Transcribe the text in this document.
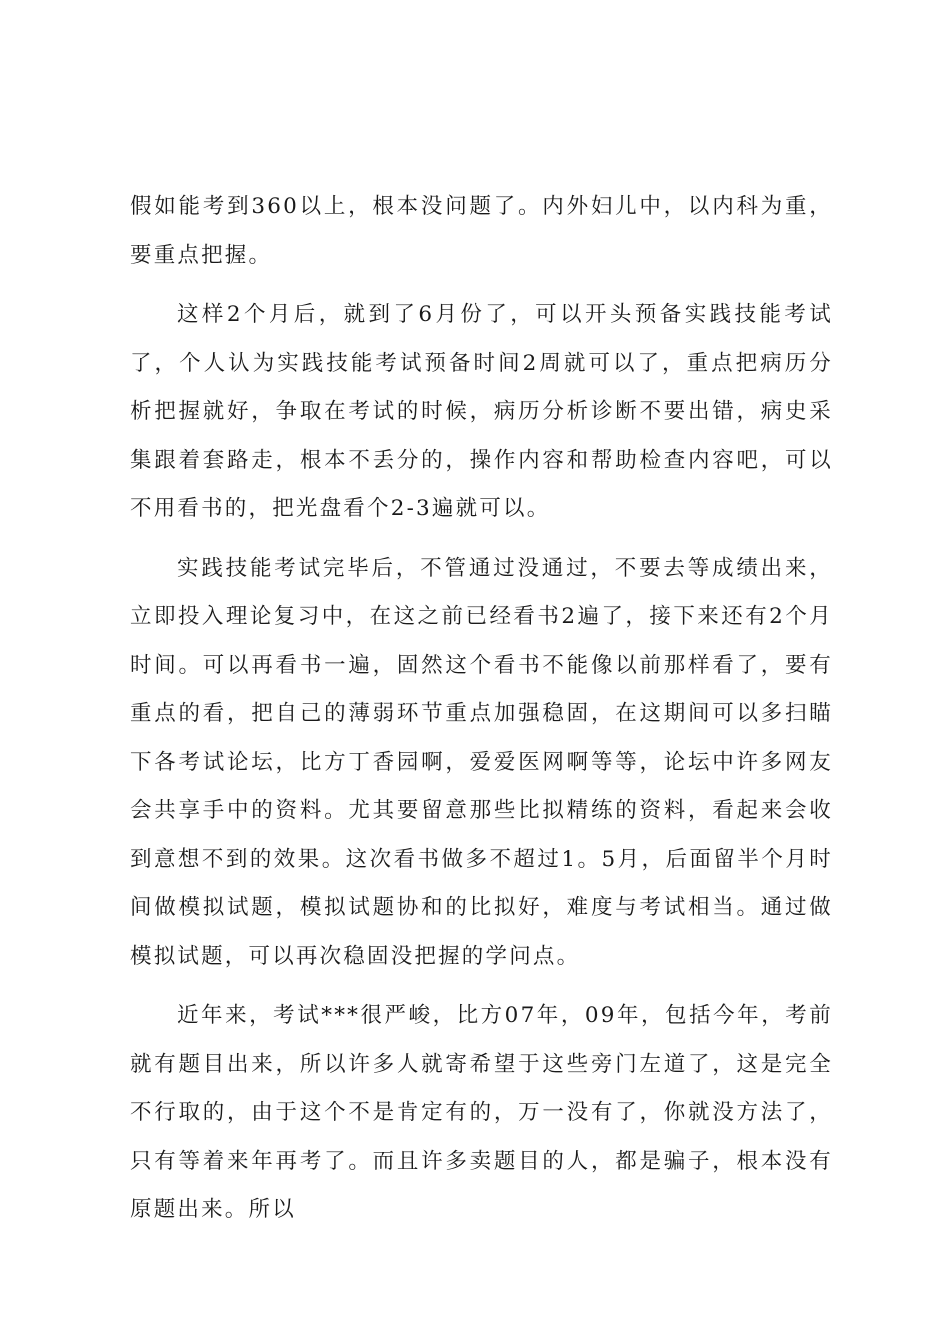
假如能考到360以上，根本没问题了。内外妇儿中，以内科为重，要重点把握。

这样2个月后，就到了6月份了，可以开头预备实践技能考试了，个人认为实践技能考试预备时间2周就可以了，重点把病历分析把握就好，争取在考试的时候，病历分析诊断不要出错，病史采集跟着套路走，根本不丢分的，操作内容和帮助检查内容吧，可以不用看书的，把光盘看个2-3遍就可以。

实践技能考试完毕后，不管通过没通过，不要去等成绩出来，立即投入理论复习中，在这之前已经看书2遍了，接下来还有2个月时间。可以再看书一遍，固然这个看书不能像以前那样看了，要有重点的看，把自己的薄弱环节重点加强稳固，在这期间可以多扫瞄下各考试论坛，比方丁香园啊，爱爱医网啊等等，论坛中许多网友会共享手中的资料。尤其要留意那些比拟精练的资料，看起来会收到意想不到的效果。这次看书做多不超过1。5月，后面留半个月时间做模拟试题，模拟试题协和的比拟好，难度与考试相当。通过做模拟试题，可以再次稳固没把握的学问点。

近年来，考试***很严峻，比方07年，09年，包括今年，考前就有题目出来，所以许多人就寄希望于这些旁门左道了，这是完全不行取的，由于这个不是肯定有的，万一没有了，你就没方法了，只有等着来年再考了。而且许多卖题目的人，都是骗子，根本没有原题出来。所以
